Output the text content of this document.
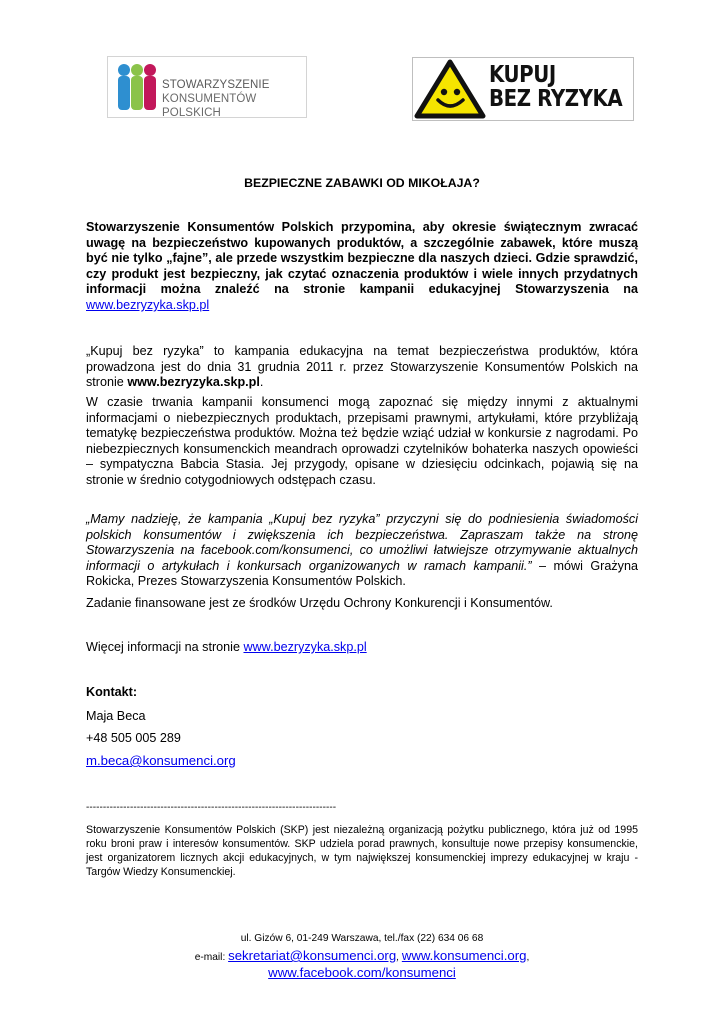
STOWARZYSZENIE
KONSUMENTÓW POLSKICH
KUPUJ
BEZ RYZYKA
BEZPIECZNE ZABAWKI OD MIKOŁAJA?
Stowarzyszenie Konsumentów Polskich przypomina, aby okresie świątecznym zwracać uwagę na bezpieczeństwo kupowanych produktów, a szczególnie zabawek, które muszą być nie tylko „fajne”, ale przede wszystkim bezpieczne dla naszych dzieci. Gdzie sprawdzić, czy produkt jest bezpieczny, jak czytać oznaczenia produktów i wiele innych przydatnych informacji można znaleźć na stronie kampanii edukacyjnej Stowarzyszenia na www.bezryzyka.skp.pl
„Kupuj bez ryzyka” to kampania edukacyjna na temat bezpieczeństwa produktów, która prowadzona jest do dnia 31 grudnia 2011 r. przez Stowarzyszenie Konsumentów Polskich na stronie www.bezryzyka.skp.pl.
W czasie trwania kampanii konsumenci mogą zapoznać się między innymi z aktualnymi informacjami o niebezpiecznych produktach, przepisami prawnymi, artykułami, które przybliżają tematykę bezpieczeństwa produktów. Można też będzie wziąć udział w konkursie z nagrodami. Po niebezpiecznych konsumenckich meandrach oprowadzi czytelników bohaterka naszych opowieści – sympatyczna Babcia Stasia. Jej przygody, opisane w dziesięciu odcinkach, pojawią się na stronie w średnio cotygodniowych odstępach czasu.
„Mamy nadzieję, że kampania „Kupuj bez ryzyka” przyczyni się do podniesienia świadomości polskich konsumentów i zwiększenia ich bezpieczeństwa. Zapraszam także na stronę Stowarzyszenia na facebook.com/konsumenci, co umożliwi łatwiejsze otrzymywanie aktualnych informacji o artykułach i konkursach organizowanych w ramach kampanii.” – mówi Grażyna Rokicka, Prezes Stowarzyszenia Konsumentów Polskich.
Zadanie finansowane jest ze środków Urzędu Ochrony Konkurencji i Konsumentów.
Więcej informacji na stronie www.bezryzyka.skp.pl
Kontakt:
Maja Beca
+48 505 005 289
m.beca@konsumenci.org
--------------------------------------------------------------------------
Stowarzyszenie Konsumentów Polskich (SKP) jest niezależną organizacją pożytku publicznego, która już od 1995 roku broni praw i interesów konsumentów. SKP udziela porad prawnych, konsultuje nowe przepisy konsumenckie, jest organizatorem licznych akcji edukacyjnych, w tym największej konsumenckiej imprezy edukacyjnej w kraju - Targów Wiedzy Konsumenckiej.
ul. Gizów 6, 01-249 Warszawa, tel./fax (22) 634 06 68
e-mail: sekretariat@konsumenci.org, www.konsumenci.org,
www.facebook.com/konsumenci
